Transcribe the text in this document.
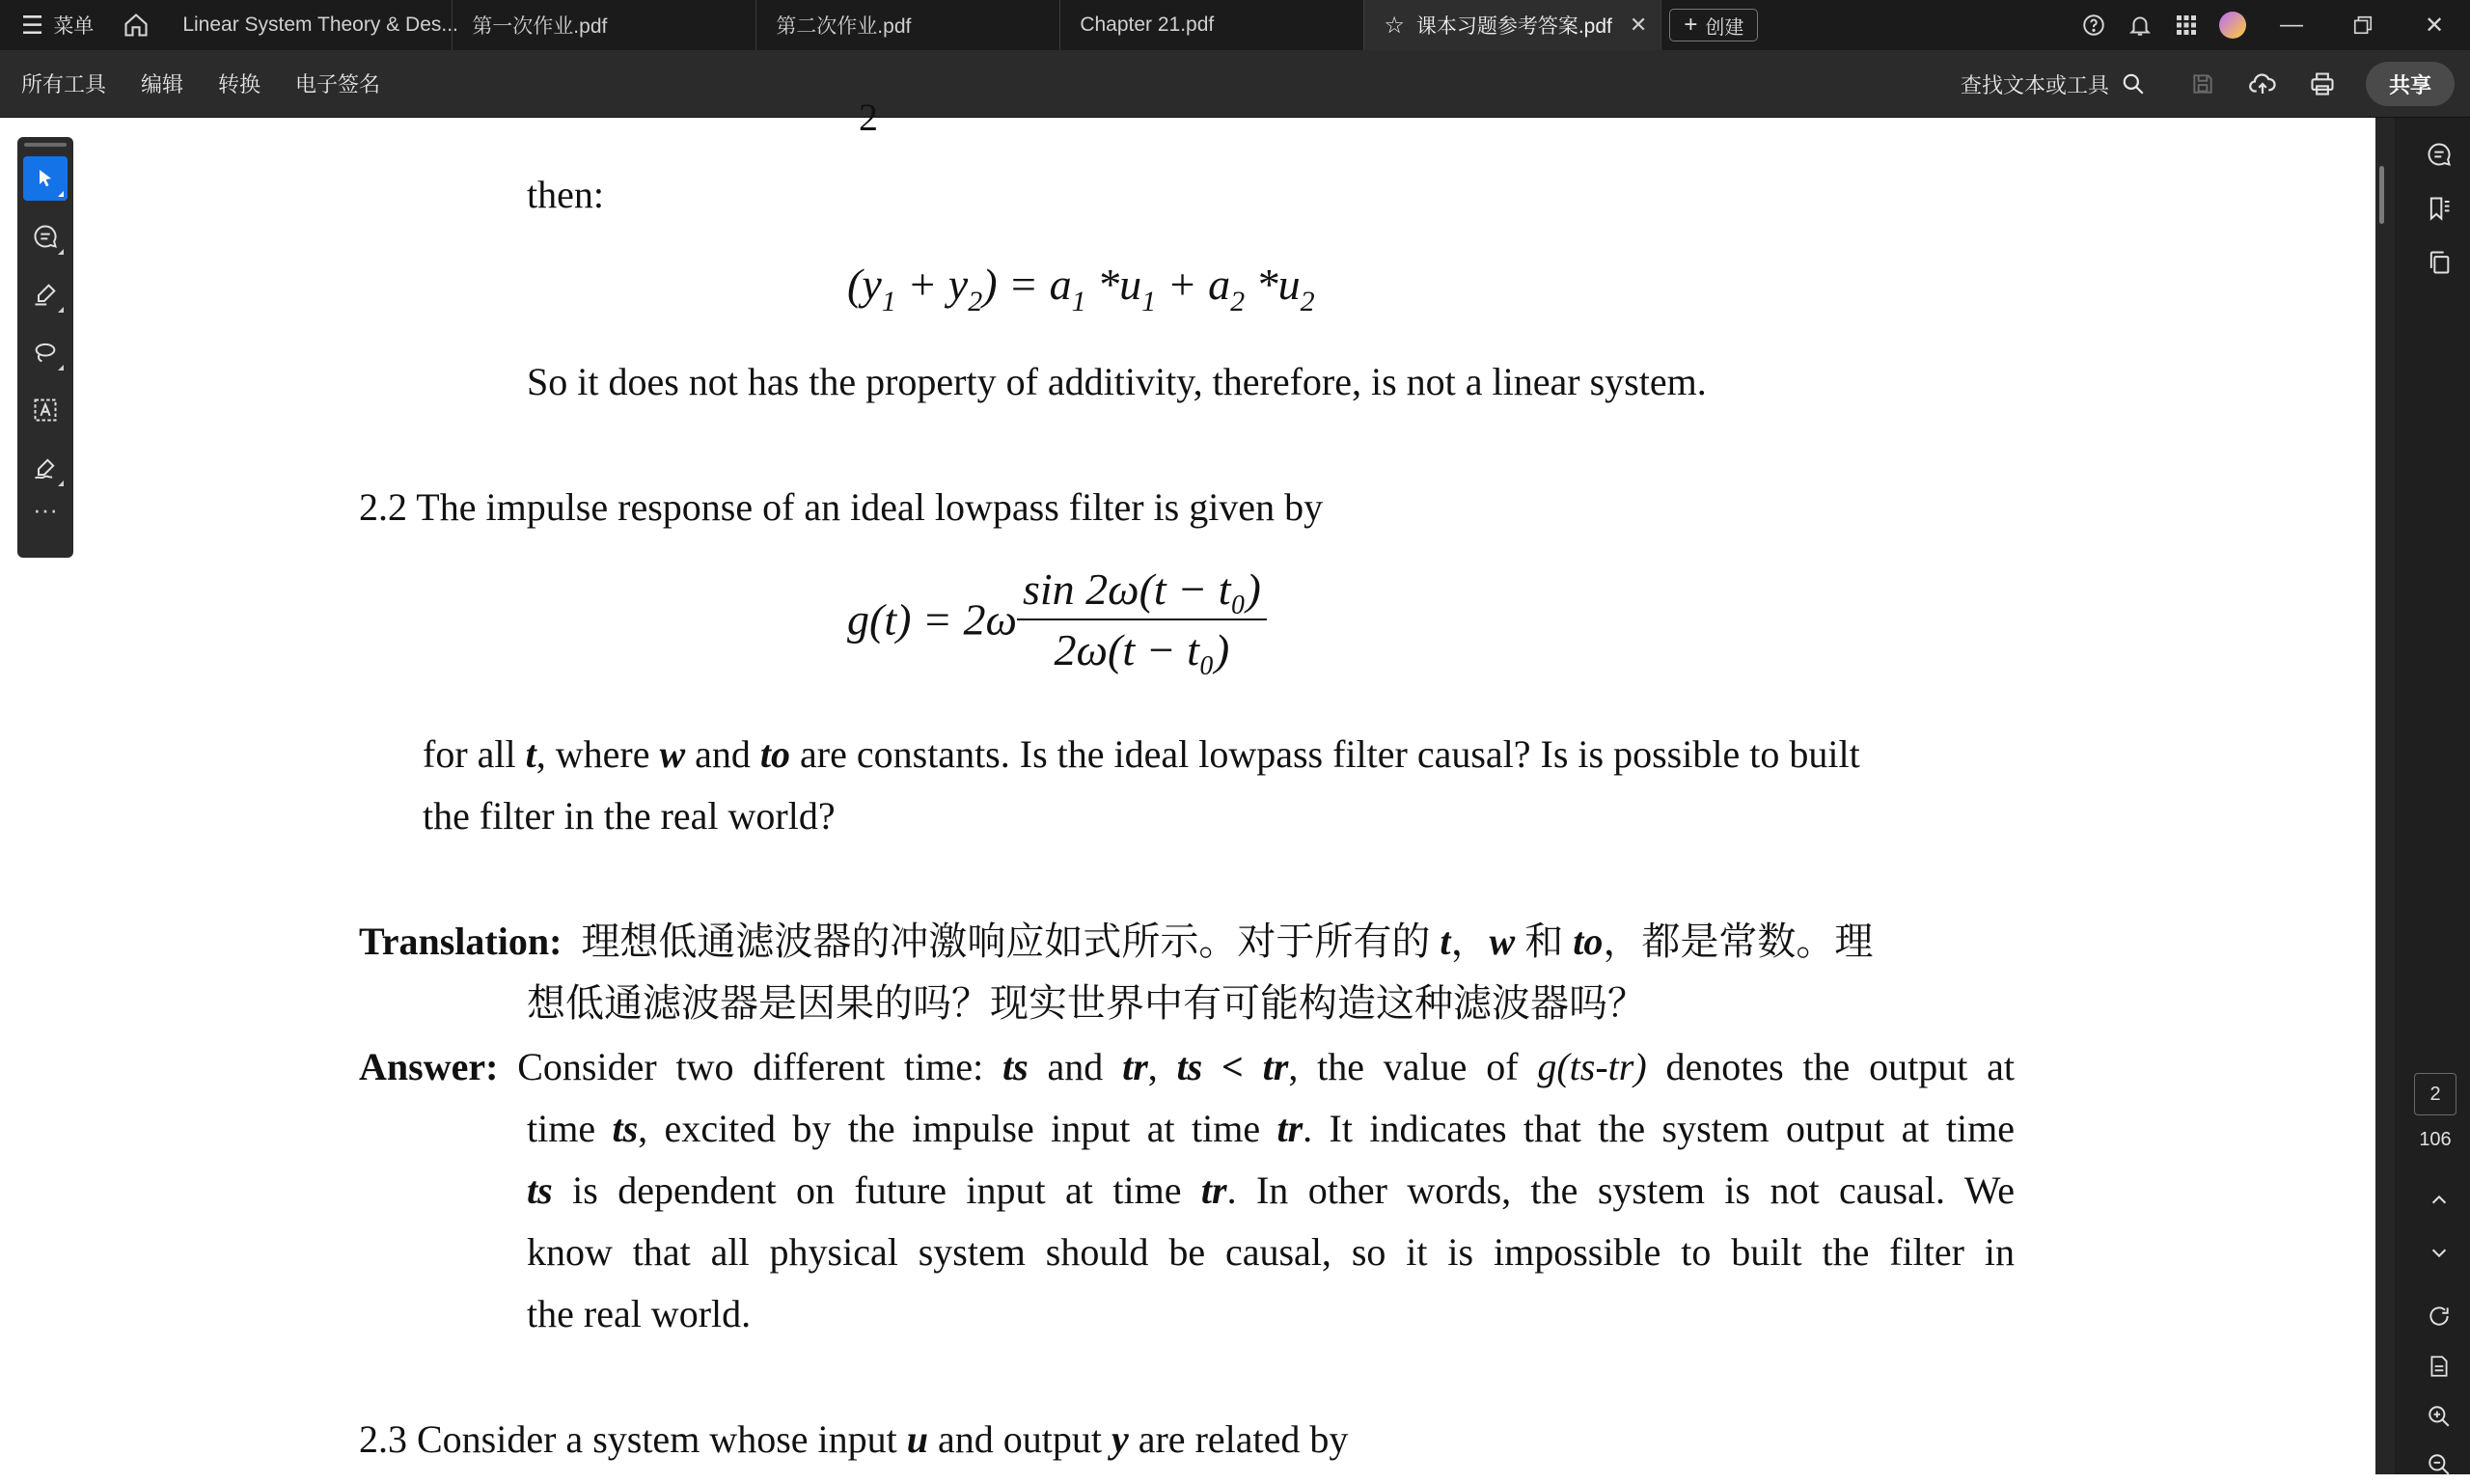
☰ 菜单	Linear System Theory & Des... 第一次作业.pdf	第二次作业.pdf	Chapter 21.pdf	☆ 课本习题参考答案.pdf ✕ + 创建	—	✕
所有工具	编辑	转换	电子签名	查找文本或工具	共享
2
then:
$(y_1 + y_2) = a_1$ $*u_1 + a_2$ $*u_2$
So it does not has the property of additivity, therefore, is not a linear system.
2.2 The impulse response of an ideal lowpass filter is given by
$g(t) = 2\omega \frac{\text{sin 2ω(t − t₀)}}{\text{2ω(t − t₀)}}$
for all t, where w and to are constants. Is the ideal lowpass filter causal? Is is possible to built
the filter in the real world?
Translation: 理想低通滤波器的冲激响应如式所示。对于所有的 t，w 和 to，都是常数。理
想低通滤波器是因果的吗？现实世界中有可能构造这种滤波器吗？
Answer: Consider two different time: ts and tr, ts < tr, the value of g(ts-tr) denotes the output at
time ts, excited by the impulse input at time tr. It indicates that the system output at time
ts is dependent on future input at time tr. In other words, the system is not causal. We
know that all physical system should be causal, so it is impossible to built the filter in
the real world.
2.3 Consider a system whose input u and output y are related by
···
2
106
